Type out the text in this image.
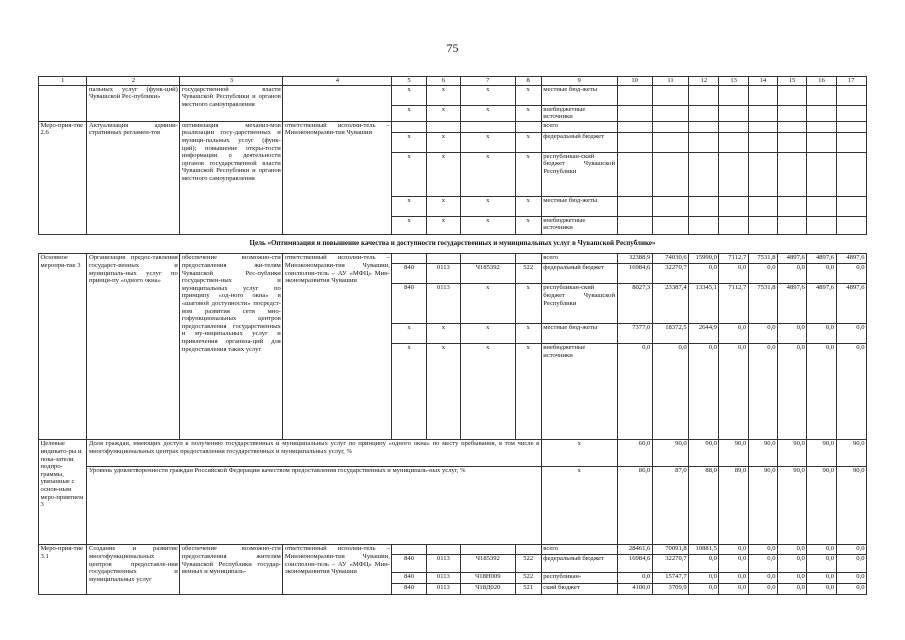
75
1	2	3	4	5	6	7	8	9	10	11	12	13	14	15	16	17
	пальных услуг (функ-ций) Чувашской Рес-публики»	государственной власти Чувашской Республики и органов местного самоуправления		x	x	x	x	местные бюд-жеты								
				x	x	x	x	внебюджетные источники								
Меро-прия-тие 2.6	Актуализация админи-стративных регламен-тов	оптимизация механиз-мов реализации госу-дарственных и муници-пальных услуг (функ-ций); повышение откры-тости информации о деятельности органов государственной власти Чувашской Республики и органов местного самоуправления	ответственный исполни-тель – Минэкономразви-тия Чувашии					всего								
				x	x	x	x	федеральный бюджет								
				x	x	x	x	республикан-ский бюджет Чувашской Республики								
				x	x	x	x	местные бюд-жеты								
				x	x	x	x	внебюджетные источники								
Цель «Оптимизация и повышение качества и доступности государственных и муниципальных услуг в Чувашской Республике»																
Основное меропря-тие 3	Организация предос-тавления государст-венных и муниципаль-ных услуг по принци-пу «одного окна»	обеспечение возможно-сти предоставления жи-телям Чувашской Рес-публики государствен-ных и муниципальных услуг по принципу «од-ного окна» в «шаговой доступности» посредст-вом развития сети мно-гофункциональных центров предоставления государственных и му-ниципальных услуг и привлечения организа-ций для предоставления таких услуг	ответственный исполни-тель – Минэкономразви-тия Чувашии, соисполни-тель – АУ «МФЦ» Мин-экономразвития Чувашии					всего	32388,9	74030,6	15990,0	7112,7	7531,8	4897,6	4897,6	4897,6
				840	0113	Ч185392	522	федеральный бюджет	16984,6	32270,7	0,0	0,0	0,0	0,0	0,0	0,0
				840	0113	x	x	республикан-ский бюджет Чувашской Республики	8027,3	23387,4	13345,1	7112,7	7531,8	4897,6	4897,6	4897,6
				x	x	x	x	местные бюд-жеты	7377,0	18372,5	2644,9	0,0	0,0	0,0	0,0	0,0
				x	x	x	x	внебюджетные источники	0,0	0,0	0,0	0,0	0,0	0,0	0,0	0,0
Целевые индикато-ры и пока-затели подпро-граммы, увязанные с основ-ным меро-приятием 3	Доля граждан, имеющих доступ к получению государственных и муниципальных услуг по принципу «одного окна» по месту пребывания, в том числе в многофункциональных центрах предоставления государственных и муниципальных услуг, %							x	60,0	90,0	90,0	90,0	90,0	90,0	90,0	90,0
	Уровень удовлетворенности граждан Российской Федерации качеством предоставления государственных и муниципаль-ных услуг, %							x	86,0	87,0	88,0	89,0	90,0	90,0	90,0	90,0
Меро-прия-тие 3.1	Создание и развитие многофункциональных центров предоставле-ния государственных и муниципальных услуг	обеспечение возможно-сти предоставления жителям Чувашской Республики государ-венных и муниципаль-	ответственный исполни-тель – Минэкономразви-тия Чувашии, соисполни-тель – АУ «МФЦ» Мин-экономразвития Чувашии					всего	28461,6	70091,8	10881,5	0,0	0,0	0,0	0,0	0,0
				840	0113	Ч185392	522	федеральный бюджет	16984,6	32270,7	0,0	0,0	0,0	0,0	0,0	0,0
				840	0113	Ч18Н009	522	республикан-	0,0	15747,7	0,0	0,0	0,0	0,0	0,0	0,0
				840	0113	Ч18Д020	521	ский бюджет	4100,0	3709,9	0,0	0,0	0,0	0,0	0,0	0,0
